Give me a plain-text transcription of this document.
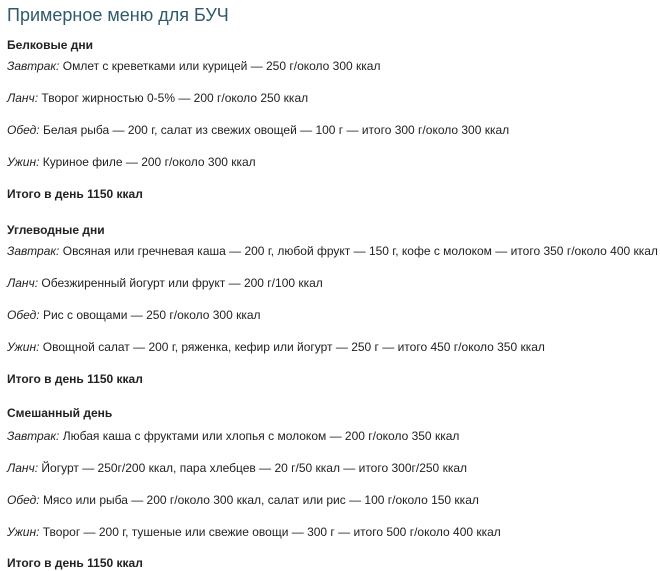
Примерное меню для БУЧ

Белковые дни

Завтрак: Омлет с креветками или курицей — 250 г/около 300 ккал

Ланч: Творог жирностью 0-5% — 200 г/около 250 ккал

Обед: Белая рыба — 200 г, салат из свежих овощей — 100 г — итого 300 г/около 300 ккал

Ужин: Куриное филе — 200 г/около 300 ккал

Итого в день 1150 ккал

Углеводные дни

Завтрак: Овсяная или гречневая каша — 200 г, любой фрукт — 150 г, кофе с молоком — итого 350 г/около 400 ккал

Ланч: Обезжиренный йогурт или фрукт — 200 г/100 ккал

Обед: Рис с овощами — 250 г/около 300 ккал

Ужин: Овощной салат — 200 г, ряженка, кефир или йогурт — 250 г — итого 450 г/около 350 ккал

Итого в день 1150 ккал

Смешанный день

Завтрак: Любая каша с фруктами или хлопья с молоком — 200 г/около 350 ккал

Ланч: Йогурт — 250г/200 ккал, пара хлебцев — 20 г/50 ккал — итого 300г/250 ккал

Обед: Мясо или рыба — 200 г/около 300 ккал, салат или рис — 100 г/около 150 ккал

Ужин: Творог — 200 г, тушеные или свежие овощи — 300 г — итого 500 г/около 400 ккал

Итого в день 1150 ккал
